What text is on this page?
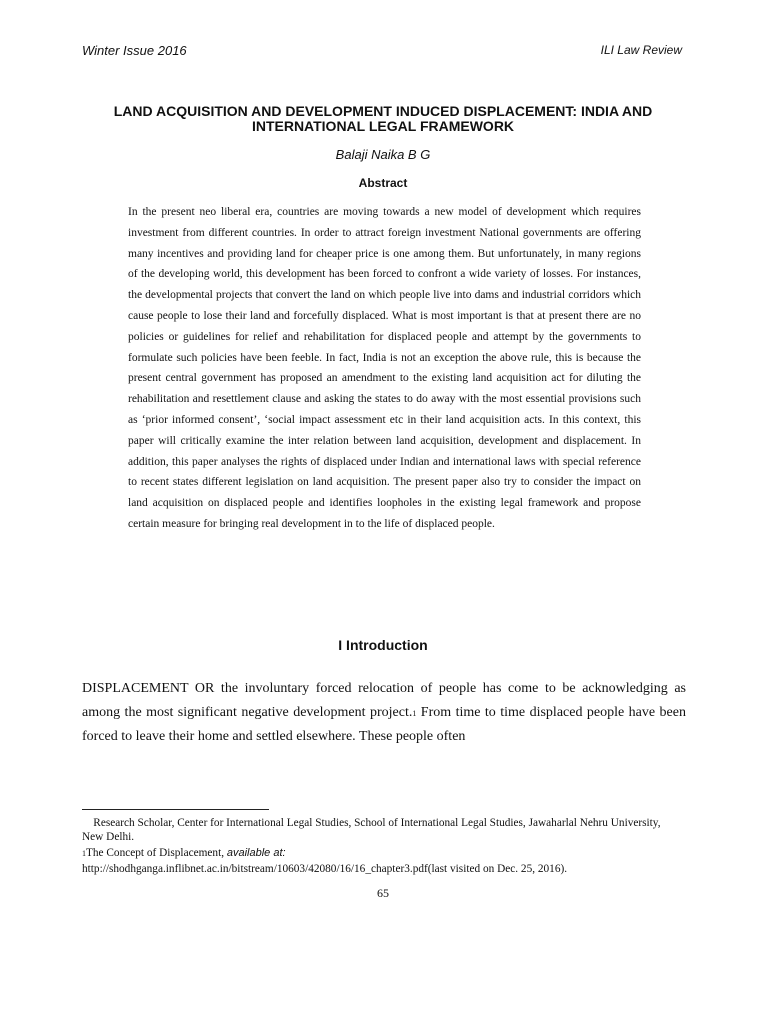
Winter Issue 2016	ILI Law Review
LAND ACQUISITION AND DEVELOPMENT INDUCED DISPLACEMENT: INDIA AND INTERNATIONAL LEGAL FRAMEWORK
Balaji Naika B G
Abstract

In the present neo liberal era, countries are moving towards a new model of development which requires investment from different countries. In order to attract foreign investment National governments are offering many incentives and providing land for cheaper price is one among them. But unfortunately, in many regions of the developing world, this development has been forced to confront a wide variety of losses. For instances, the developmental projects that convert the land on which people live into dams and industrial corridors which cause people to lose their land and forcefully displaced. What is most important is that at present there are no policies or guidelines for relief and rehabilitation for displaced people and attempt by the governments to formulate such policies have been feeble. In fact, India is not an exception the above rule, this is because the present central government has proposed an amendment to the existing land acquisition act for diluting the rehabilitation and resettlement clause and asking the states to do away with the most essential provisions such as ‘prior informed consent’, ‘social impact assessment etc in their land acquisition acts. In this context, this paper will critically examine the inter relation between land acquisition, development and displacement. In addition, this paper analyses the rights of displaced under Indian and international laws with special reference to recent states different legislation on land acquisition. The present paper also try to consider the impact on land acquisition on displaced people and identifies loopholes in the existing legal framework and propose certain measure for bringing real development in to the life of displaced people.

I Introduction

DISPLACEMENT OR the involuntary forced relocation of people has come to be acknowledging as among the most significant negative development project.1 From time to time displaced people have been forced to leave their home and settled elsewhere. These people often

Research Scholar, Center for International Legal Studies, School of International Legal Studies, Jawaharlal Nehru University, New Delhi.

1The Concept of Displacement, available at:
http://shodhganga.inflibnet.ac.in/bitstream/10603/42080/16/16_chapter3.pdf(last visited on Dec. 25, 2016).

65
